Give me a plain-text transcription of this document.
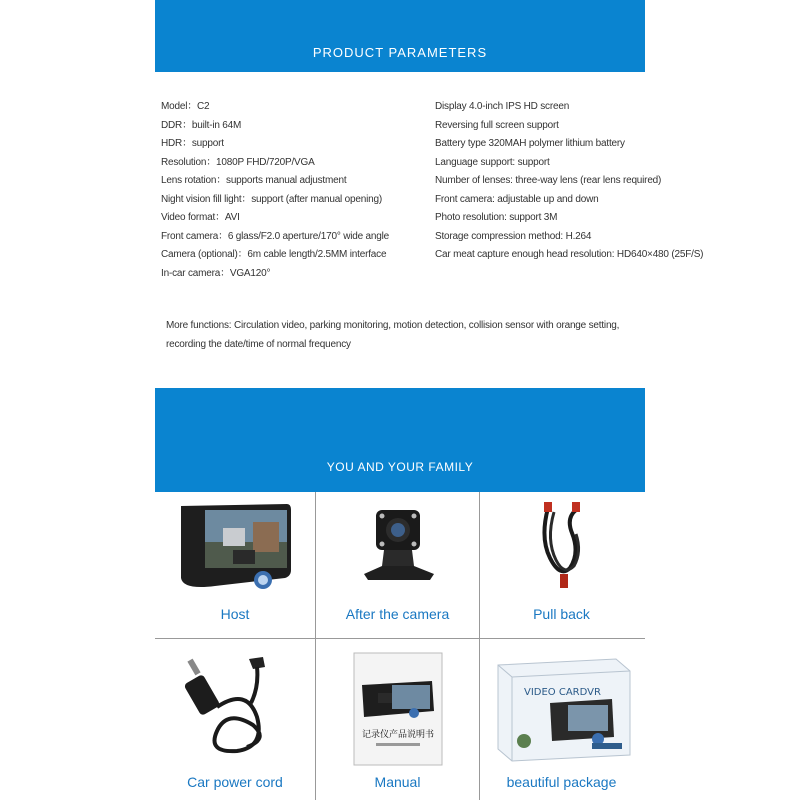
PRODUCT PARAMETERS
Model：C2
DDR：built-in 64M
HDR：support
Resolution：1080P FHD/720P/VGA
Lens rotation：supports manual adjustment
Night vision fill light：support (after manual opening)
Video format：AVI
Front camera：6 glass/F2.0 aperture/170° wide angle
Camera (optional)：6m cable length/2.5MM interface
In-car camera：VGA120°
Display 4.0-inch IPS HD screen
Reversing full screen support
Battery type 320MAH polymer lithium battery
Language support: support
Number of lenses: three-way lens (rear lens required)
Front camera: adjustable up and down
Photo resolution: support 3M
Storage compression method: H.264
Car meat capture enough head resolution: HD640×480 (25F/S)
More functions: Circulation video, parking monitoring, motion detection, collision sensor with orange setting,
recording the date/time of normal frequency
YOU AND YOUR FAMILY
Host	After the camera	Pull back
Car power cord
记录仪产品说明书
Manual
VIDEO CARDVR
beautiful package
